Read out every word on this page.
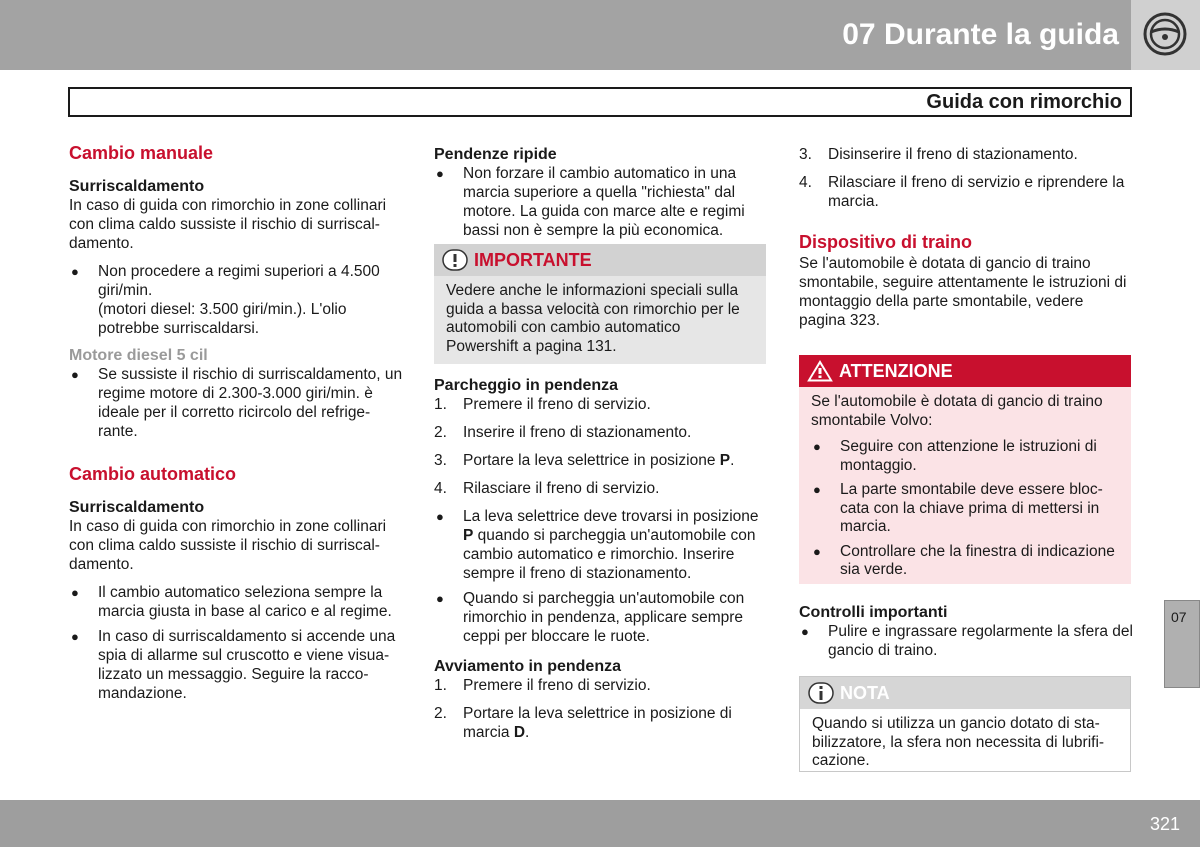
07 Durante la guida
Guida con rimorchio

Cambio manuale

Surriscaldamento

In caso di guida con rimorchio in zone collinari con clima caldo sussiste il rischio di surriscal-damento.

● Non procedere a regimi superiori a 4.500 giri/min.
(motori diesel: 3.500 giri/min.). L'olio potrebbe surriscaldarsi.

Motore diesel 5 cil

● Se sussiste il rischio di surriscaldamento, un regime motore di 2.300-3.000 giri/min. è ideale per il corretto ricircolo del refrige-rante.

Cambio automatico

Surriscaldamento

In caso di guida con rimorchio in zone collinari con clima caldo sussiste il rischio di surriscal-damento.

● Il cambio automatico seleziona sempre la marcia giusta in base al carico e al regime.
● In caso di surriscaldamento si accende una spia di allarme sul cruscotto e viene visua-lizzato un messaggio. Seguire la racco-mandazione.

Pendenze ripide

● Non forzare il cambio automatico in una marcia superiore a quella "richiesta" dal motore. La guida con marce alte e regimi bassi non è sempre la più economica.
IMPORTANTE
Vedere anche le informazioni speciali sulla guida a bassa velocità con rimorchio per le automobili con cambio automatico Powershift a pagina 131.

Parcheggio in pendenza

1. Premere il freno di servizio.
2. Inserire il freno di stazionamento.
3. Portare la leva selettrice in posizione P.
4. Rilasciare il freno di servizio.
● La leva selettrice deve trovarsi in posizione P quando si parcheggia un'automobile con cambio automatico e rimorchio. Inserire sempre il freno di stazionamento.
● Quando si parcheggia un'automobile con rimorchio in pendenza, applicare sempre ceppi per bloccare le ruote.

Avviamento in pendenza

1. Premere il freno di servizio.
2. Portare la leva selettrice in posizione di marcia D.
3. Disinserire il freno di stazionamento.
4. Rilasciare il freno di servizio e riprendere la marcia.

Dispositivo di traino

Se l'automobile è dotata di gancio di traino smontabile, seguire attentamente le istruzioni di montaggio della parte smontabile, vedere pagina 323.

ATTENZIONE

Se l'automobile è dotata di gancio di traino smontabile Volvo:

● Seguire con attenzione le istruzioni di montaggio.
● La parte smontabile deve essere bloc-cata con la chiave prima di mettersi in marcia.
● Controllare che la finestra di indicazione sia verde.

Controlli importanti

● Pulire e ingrassare regolarmente la sfera del gancio di traino.
NOTA
Quando si utilizza un gancio dotato di sta-bilizzatore, la sfera non necessita di lubrifi-cazione.
07
321
